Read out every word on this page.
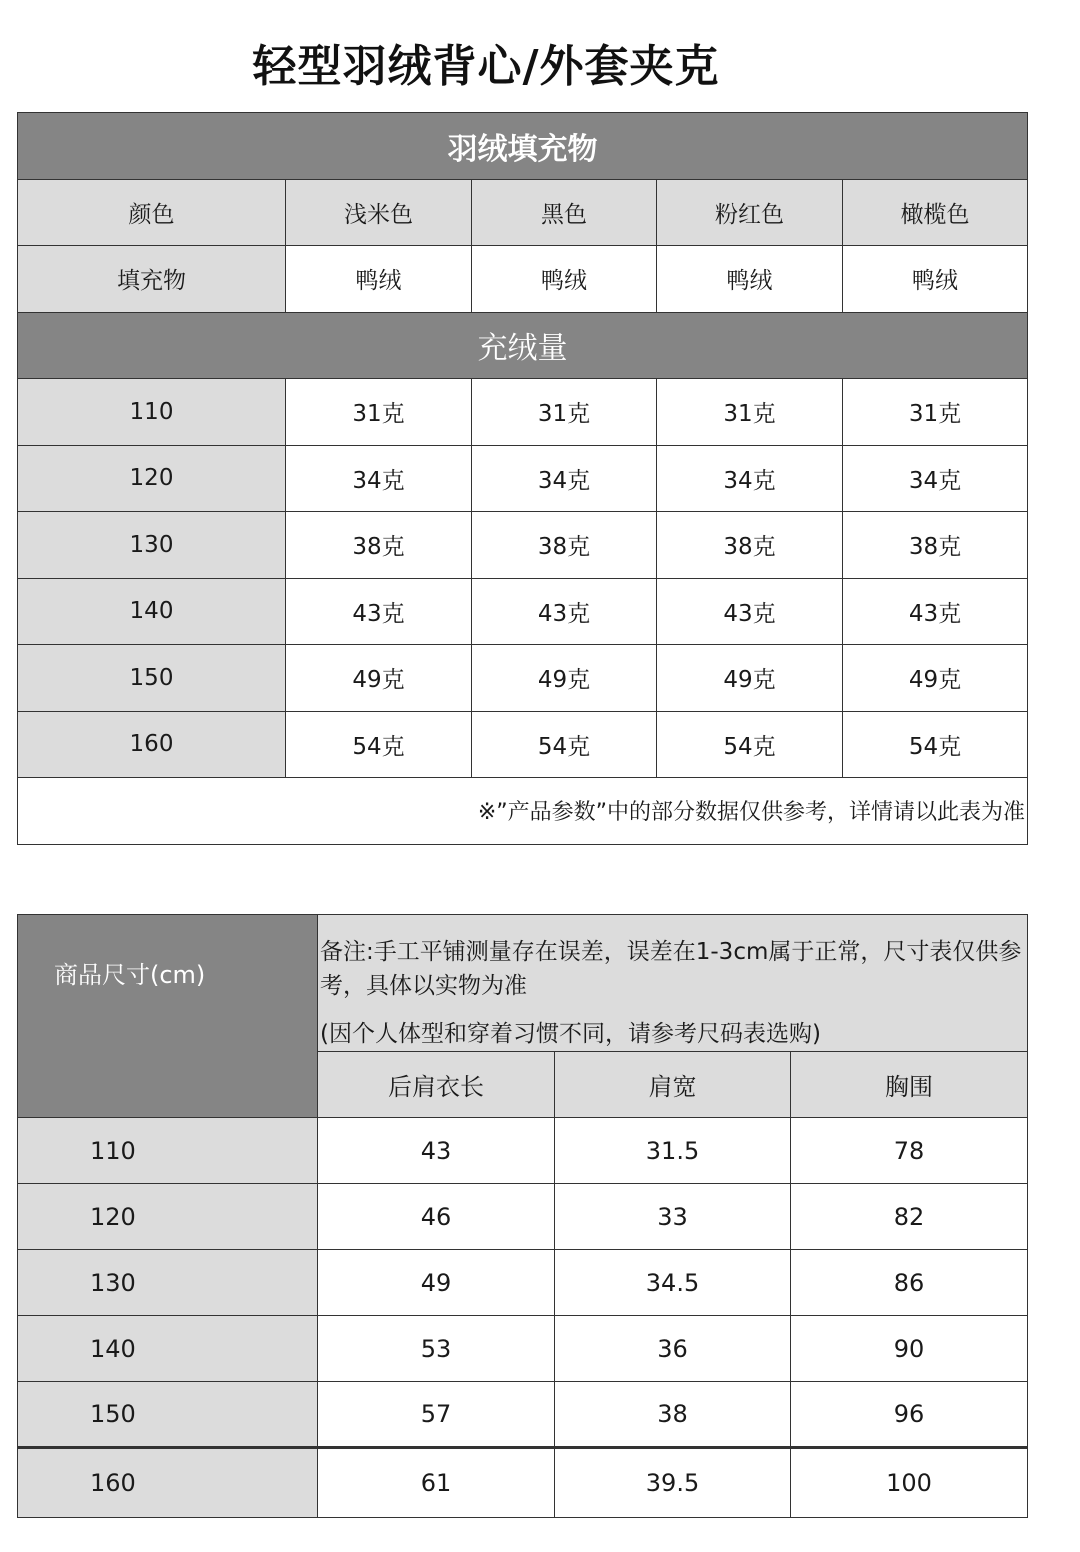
轻型羽绒背心/外套夹克
羽绒填充物				
颜色	浅米色	黑色	粉红色	橄榄色
填充物	鸭绒	鸭绒	鸭绒	鸭绒
充绒量				
110	31克	31克	31克	31克
120	34克	34克	34克	34克
130	38克	38克	38克	38克
140	43克	43克	43克	43克
150	49克	49克	49克	49克
160	54克	54克	54克	54克
※”产品参数”中的部分数据仅供参考，详情请以此表为准				
商品尺寸(cm)	备注:手工平铺测量存在误差，误差在1-3cm属于正常，尺寸表仅供参考，具体以实物为准
(因个人体型和穿着习惯不同，请参考尺码表选购)		

	后肩衣长	肩宽	胸围
110	43	31.5	78
120	46	33	82
130	49	34.5	86
140	53	36	90
150	57	38	96
160	61	39.5	100
